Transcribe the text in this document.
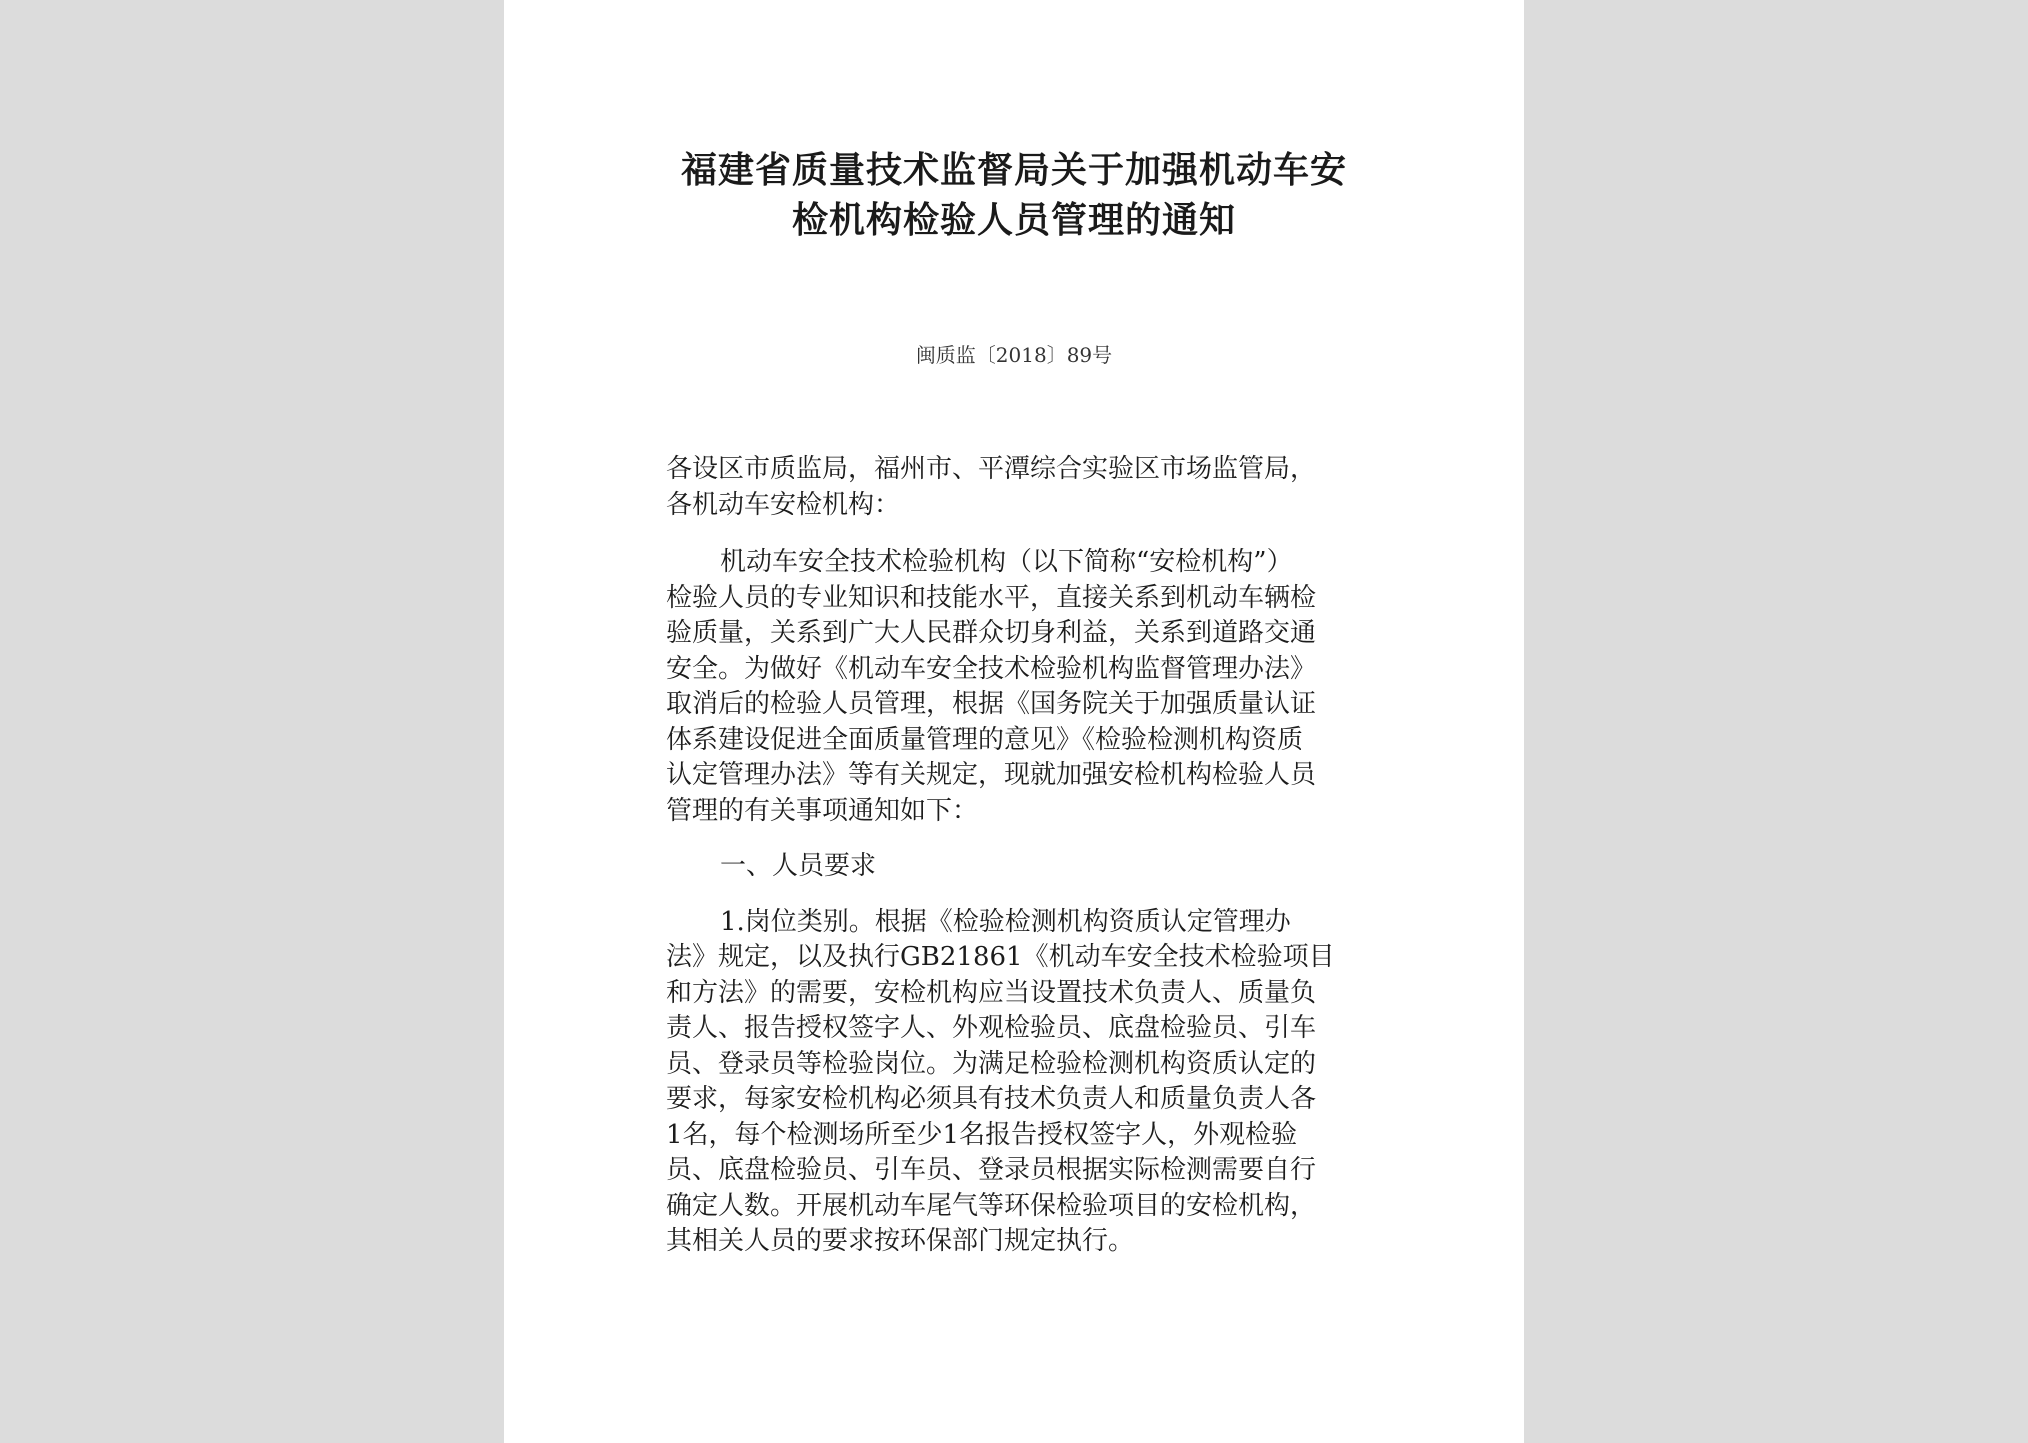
福建省质量技术监督局关于加强机动车安
检机构检验人员管理的通知
闽质监〔2018〕89号
各设区市质监局，福州市、平潭综合实验区市场监管局，
各机动车安检机构：
机动车安全技术检验机构（以下简称“安检机构”）
检验人员的专业知识和技能水平，直接关系到机动车辆检
验质量，关系到广大人民群众切身利益，关系到道路交通
安全。为做好《机动车安全技术检验机构监督管理办法》
取消后的检验人员管理，根据《国务院关于加强质量认证
体系建设促进全面质量管理的意见》《检验检测机构资质
认定管理办法》等有关规定，现就加强安检机构检验人员
管理的有关事项通知如下：
一、人员要求
1.岗位类别。根据《检验检测机构资质认定管理办
法》规定，以及执行GB21861《机动车安全技术检验项目
和方法》的需要，安检机构应当设置技术负责人、质量负
责人、报告授权签字人、外观检验员、底盘检验员、引车
员、登录员等检验岗位。为满足检验检测机构资质认定的
要求，每家安检机构必须具有技术负责人和质量负责人各
1名，每个检测场所至少1名报告授权签字人，外观检验
员、底盘检验员、引车员、登录员根据实际检测需要自行
确定人数。开展机动车尾气等环保检验项目的安检机构，
其相关人员的要求按环保部门规定执行。
